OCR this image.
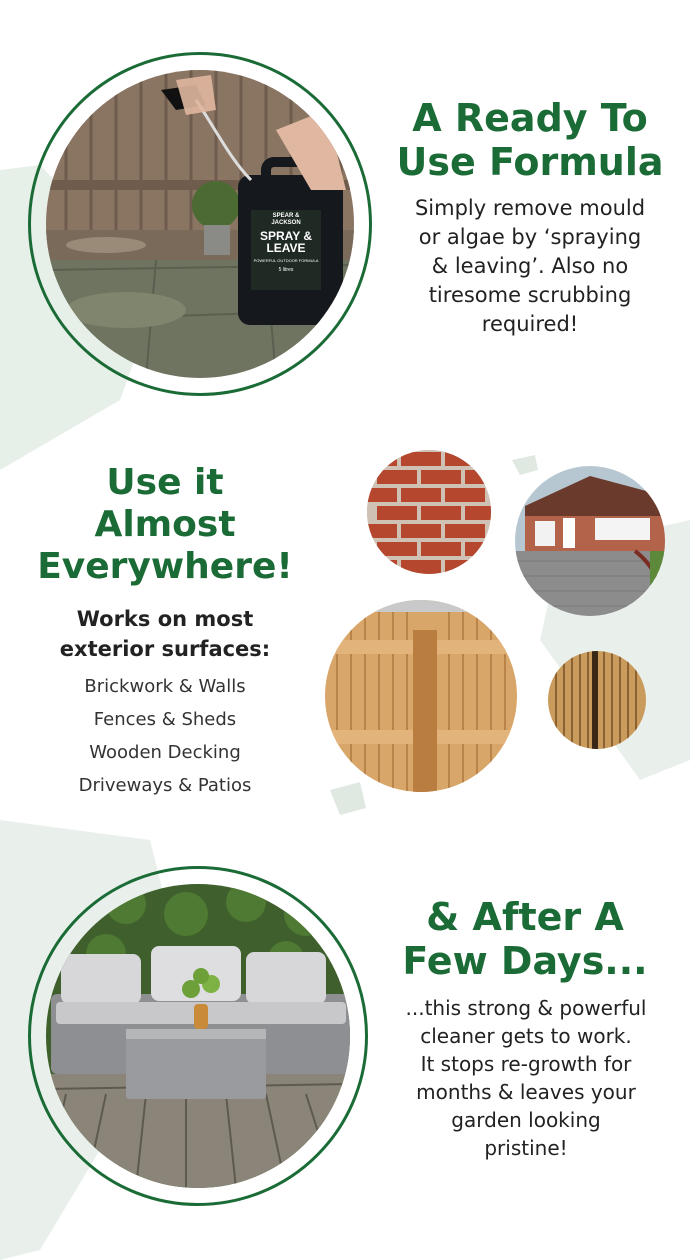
SPEAR &
JACKSON
SPRAY &
LEAVE
POWERFUL OUTDOOR FORMULA
5 litres
A Ready To
Use Formula

Simply remove mould
or algae by ‘spraying
& leaving’. Also no
tiresome scrubbing
required!

Use it
Almost
Everywhere!

Works on most
exterior surfaces:

Brickwork & Walls
Fences & Sheds
Wooden Decking
Driveways & Patios
& After A
Few Days...

...this strong & powerful
cleaner gets to work.
It stops re-growth for
months & leaves your
garden looking
pristine!
